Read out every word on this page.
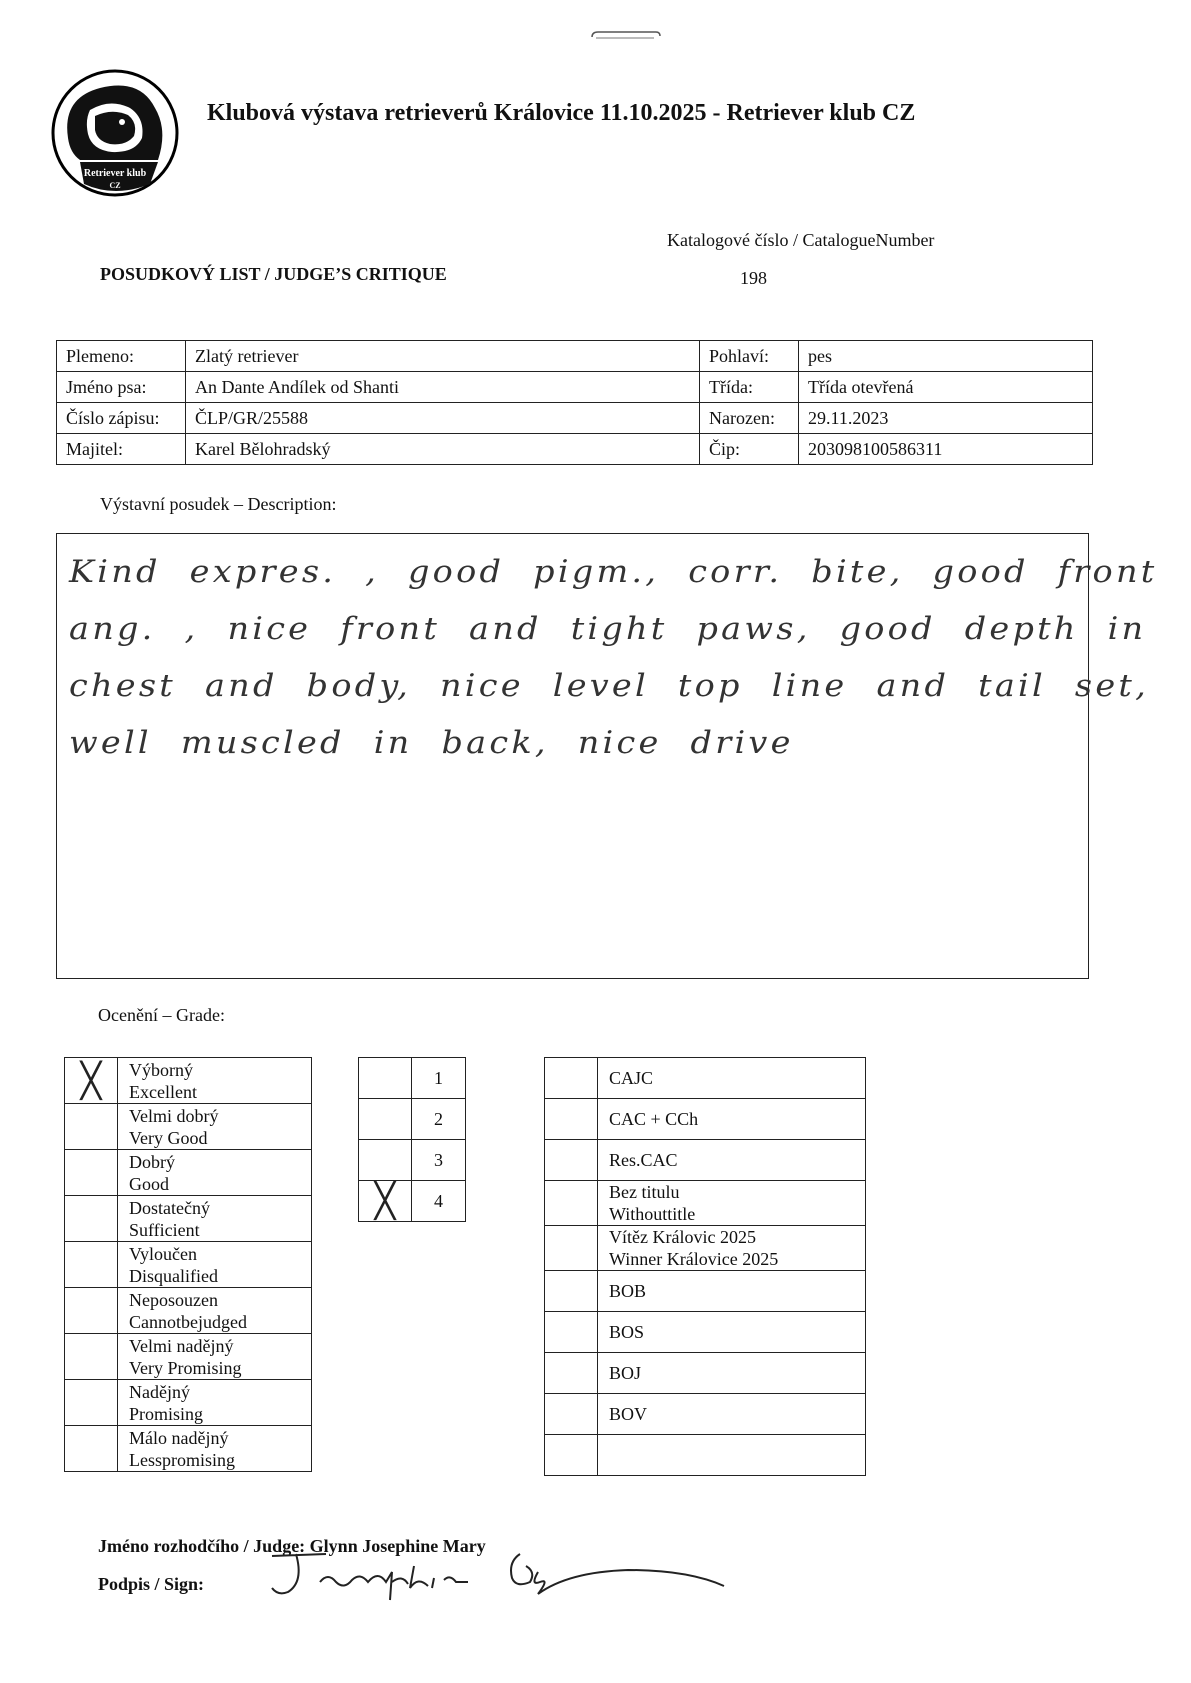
Retriever klub
CZ
Klubová výstava retrieverů Královice 11.10.2025 - Retriever klub CZ
Katalogové číslo / CatalogueNumber
198
POSUDKOVÝ LIST / JUDGE’S CRITIQUE
Plemeno:	Zlatý retriever	Pohlaví:	pes
Jméno psa:	An Dante Andílek od Shanti	Třída:	Třída otevřená
Číslo zápisu:	ČLP/GR/25588	Narozen:	29.11.2023
Majitel:	Karel Bělohradský	Čip:	203098100586311
Výstavní posudek – Description:
Kind expres. , good pigm., corr. bite, good front ang. , nice front and tight paws, good depth in chest and body, nice level top line and tail set, well muscled in back, nice drive
Ocenění – Grade:
╳	Výborný
Excellent

	Velmi dobrý
Very Good

	Dobrý
Good

	Dostatečný
Sufficient

	Vyloučen
Disqualified

	Neposouzen
Cannotbejudged

	Velmi nadějný
Very Promising

	Nadějný
Promising

	Málo nadějný
Lesspromising
	1
	2
	3
╳	4

	CAJC

	CAC + CCh

	Res.CAC

	Bez titulu
Withouttitle

	Vítěz Královic 2025
Winner Královice 2025

	BOB

	BOS

	BOJ

	BOV

Jméno rozhodčího / Judge: Glynn Josephine Mary
Podpis / Sign:
